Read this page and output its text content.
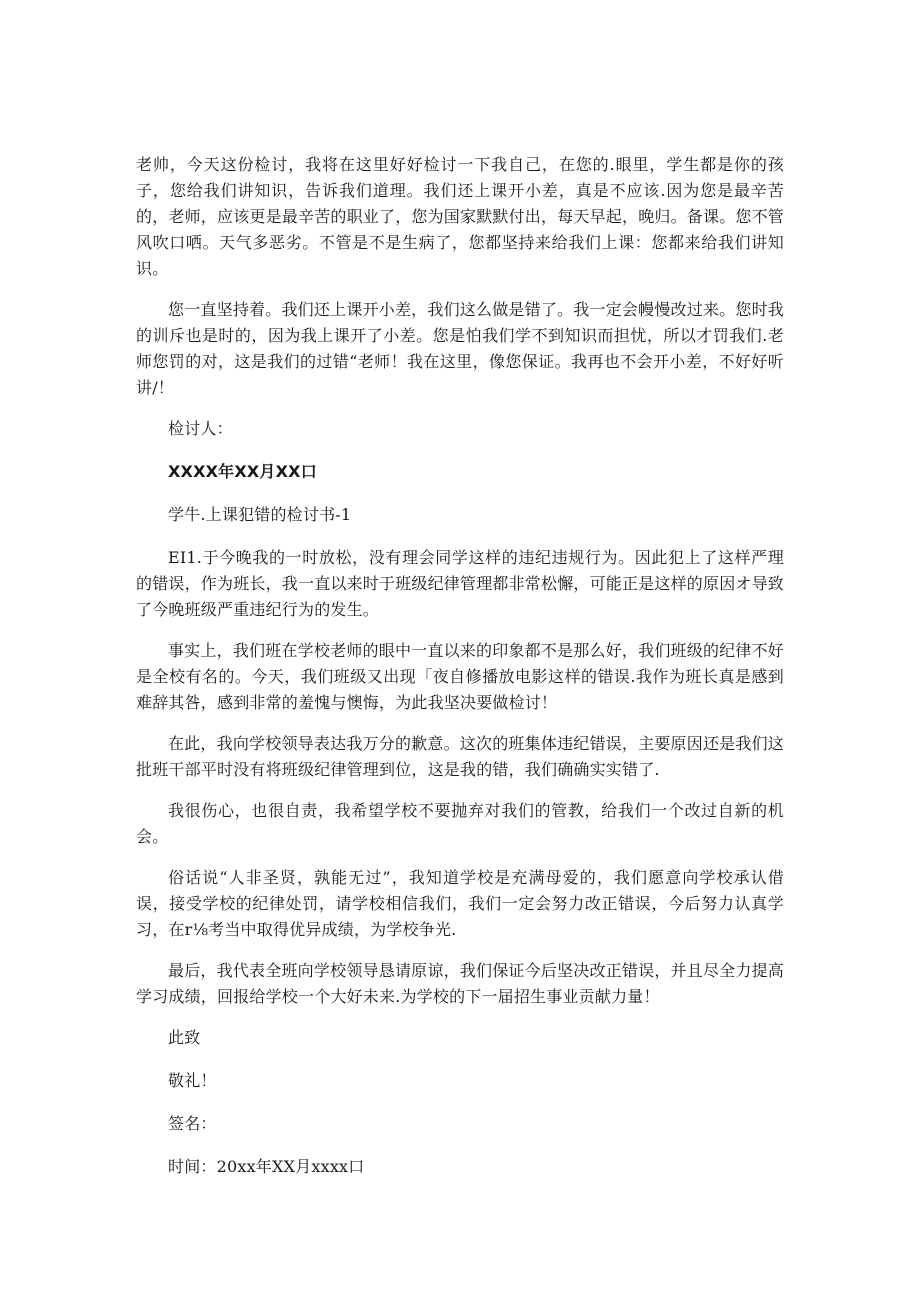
老帅，今天这份检讨，我将在这里好好检讨一下我自己，在您的.眼里，学生都是你的孩子，您给我们讲知识，告诉我们道理。我们还上课开小差，真是不应该.因为您是最辛苦的，老师，应该更是最辛苦的职业了，您为国家默默付出，每天早起，晚归。备课。您不管风吹口哂。天气多恶劣。不管是不是生病了，您都坚持来给我们上课：您都来给我们讲知识。

您一直坚持着。我们还上课开小差，我们这么做是错了。我一定会幔慢改过来。您时我的训斥也是时的，因为我上课开了小差。您是怕我们学不到知识而担忧，所以才罚我们.老师您罚的对，这是我们的过错“老师！我在这里，像您保证。我再也不会开小差，不好好听讲/！

检讨人：

XXXX年XX月XX口

学牛.上课犯错的检讨书-1

EI1.于今晚我的一时放松，没有理会同学这样的违纪违规行为。因此犯上了这样严理的错误，作为班长，我一直以来时于班级纪律管理都非常松懈，可能正是这样的原因オ导致了今晚班级严重违纪行为的发生。

事实上，我们班在学校老师的眼中一直以来的印象都不是那么好，我们班级的纪律不好是全校有名的。今天，我们班级又出现「夜自修播放电影这样的错误.我作为班长真是感到难辞其咎，感到非常的羞愧与懊悔，为此我坚决要做检讨！

在此，我向学校领导表达我万分的歉意。这次的班集体违纪错误，主要原因还是我们这批班干部平时没有将班级纪律管理到位，这是我的错，我们确确实实错了.

我很伤心，也很自责，我希望学校不要抛弃对我们的管教，给我们一个改过自新的机会。

俗话说“人非圣贤，孰能无过”，我知道学校是充满母爱的，我们愿意向学校承认借误，接受学校的纪律处罚，请学校相信我们，我们一定会努力改正错误，今后努力认真学习，在r⅛考当中取得优异成绩，为学校争光.

最后，我代表全班向学校领导恳请原谅，我们保证今后坚决改正错误，并且尽全力提高学习成绩，回报给学校一个大好未来.为学校的下一届招生事业贡献力量！

此致

敬礼！

签名：

时间：20xx年XX月xxxx口
